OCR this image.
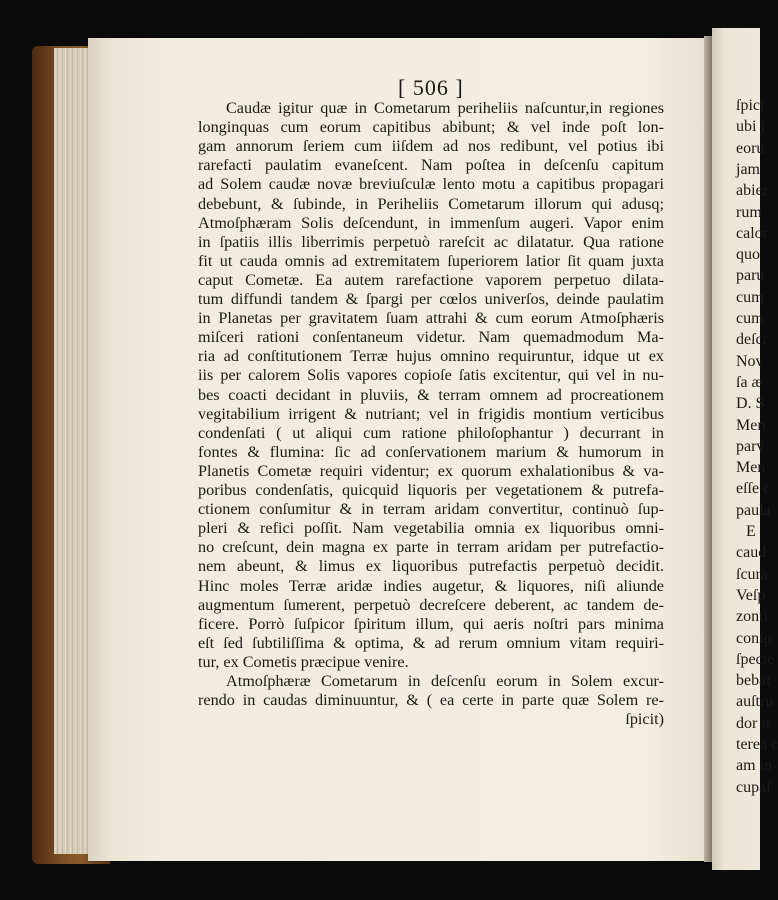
ſpici
ubi j
eoru
jam
abier
rum
calor
quo
paru
cum
cum
deſcr
Nov
ſa æ
D. S
Men
parv
Men
eſſe c
paula
E
caud
ſcura
Veſp
zonti
conſp
ſpecie
bebat
auſtru
dor tr
terea c
am in
cupaſ
[ 506 ]
Caudæ igitur quæ in Cometarum periheliis naſcuntur,in regiones
longinquas cum eorum capitibus abibunt; & vel inde poſt lon-
gam annorum ſeriem cum iiſdem ad nos redibunt, vel potius ibi
rarefacti paulatim evaneſcent. Nam poſtea in deſcenſu capitum
ad Solem caudæ novæ breviuſculæ lento motu a capitibus propagari
debebunt, & ſubinde, in Periheliis Cometarum illorum qui adusq;
Atmoſphæram Solis deſcendunt, in immenſum augeri. Vapor enim
in ſpatiis illis liberrimis perpetuò rareſcit ac dilatatur. Qua ratione
fit ut cauda omnis ad extremitatem ſuperiorem latior ſit quam juxta
caput Cometæ. Ea autem rarefactione vaporem perpetuo dilata-
tum diffundi tandem & ſpargi per cœlos univerſos, deinde paulatim
in Planetas per gravitatem ſuam attrahi & cum eorum Atmoſphæris
miſceri rationi conſentaneum videtur. Nam quemadmodum Ma-
ria ad conſtitutionem Terræ hujus omnino requiruntur, idque ut ex
iis per calorem Solis vapores copioſe ſatis excitentur, qui vel in nu-
bes coacti decidant in pluviis, & terram omnem ad procreationem
vegitabilium irrigent & nutriant; vel in frigidis montium verticibus
condenſati ( ut aliqui cum ratione philoſophantur ) decurrant in
fontes & flumina: ſic ad conſervationem marium & humorum in
Planetis Cometæ requiri videntur; ex quorum exhalationibus & va-
poribus condenſatis, quicquid liquoris per vegetationem & putrefa-
ctionem conſumitur & in terram aridam convertitur, continuò ſup-
pleri & refici poſſit. Nam vegetabilia omnia ex liquoribus omni-
no creſcunt, dein magna ex parte in terram aridam per putrefactio-
nem abeunt, & limus ex liquoribus putrefactis perpetuò decidit.
Hinc moles Terræ aridæ indies augetur, & liquores, niſi aliunde
augmentum ſumerent, perpetuò decreſcere deberent, ac tandem de-
ficere. Porrò ſuſpicor ſpiritum illum, qui aeris noſtri pars minima
eſt ſed ſubtiliſſima & optima, & ad rerum omnium vitam requiri-
tur, ex Cometis præcipue venire.
Atmoſphæræ Cometarum in deſcenſu eorum in Solem excur-
rendo in caudas diminuuntur, & ( ea certe in parte quæ Solem re-
ſpicit)
